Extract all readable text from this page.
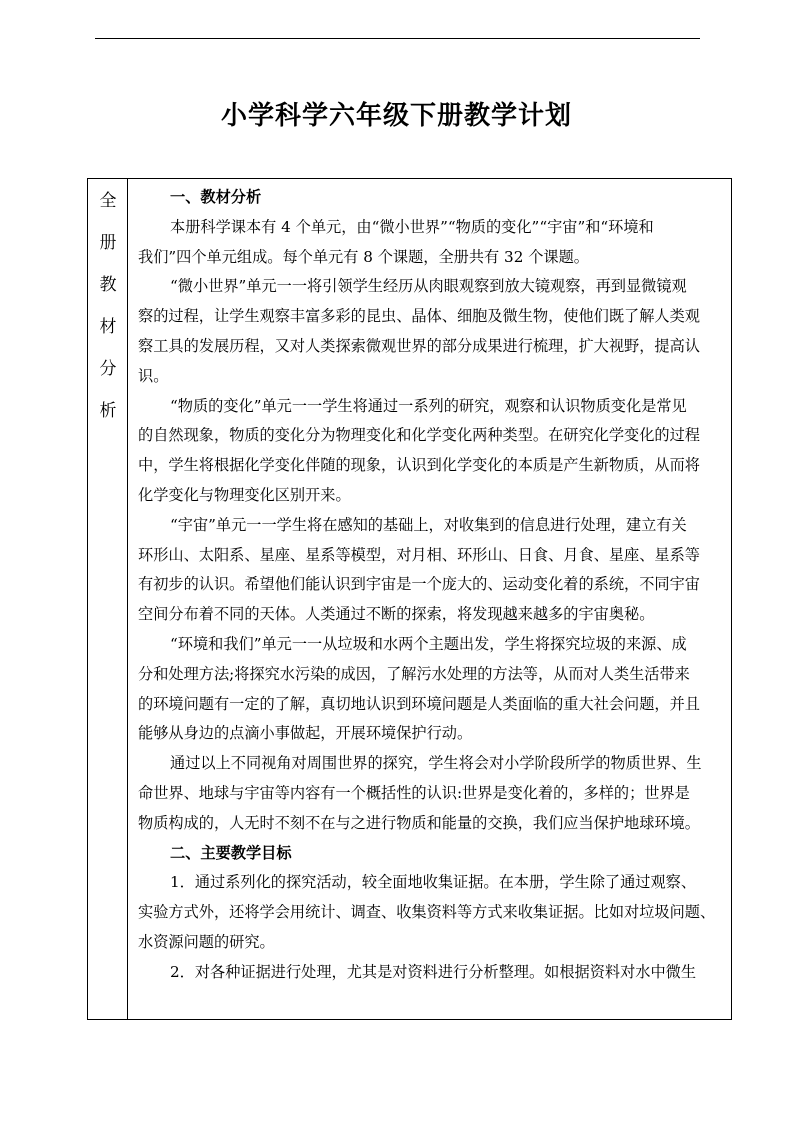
小学科学六年级下册教学计划
全
册
教
材
分
析
一、教材分析
本册科学课本有 4 个单元，由“微小世界”“物质的变化”“宇宙”和“环境和
我们”四个单元组成。每个单元有 8 个课题，全册共有 32 个课题。
“微小世界”单元一一将引领学生经历从肉眼观察到放大镜观察，再到显微镜观
察的过程，让学生观察丰富多彩的昆虫、晶体、细胞及微生物，使他们既了解人类观
察工具的发展历程，又对人类探索微观世界的部分成果进行梳理，扩大视野，提高认
识。
“物质的变化”单元一一学生将通过一系列的研究，观察和认识物质变化是常见
的自然现象，物质的变化分为物理变化和化学变化两种类型。在研究化学变化的过程
中，学生将根据化学变化伴随的现象，认识到化学变化的本质是产生新物质，从而将
化学变化与物理变化区别开来。
“宇宙”单元一一学生将在感知的基础上，对收集到的信息进行处理，建立有关
环形山、太阳系、星座、星系等模型，对月相、环形山、日食、月食、星座、星系等
有初步的认识。希望他们能认识到宇宙是一个庞大的、运动变化着的系统，不同宇宙
空间分布着不同的天体。人类通过不断的探索，将发现越来越多的宇宙奥秘。
“环境和我们”单元一一从垃圾和水两个主题出发，学生将探究垃圾的来源、成
分和处理方法;将探究水污染的成因，了解污水处理的方法等，从而对人类生活带来
的环境问题有一定的了解，真切地认识到环境问题是人类面临的重大社会问题，并且
能够从身边的点滴小事做起，开展环境保护行动。
通过以上不同视角对周围世界的探究，学生将会对小学阶段所学的物质世界、生
命世界、地球与宇宙等内容有一个概括性的认识:世界是变化着的，多样的；世界是
物质构成的，人无时不刻不在与之进行物质和能量的交换，我们应当保护地球环境。
二、主要教学目标
1．通过系列化的探究活动，较全面地收集证据。在本册，学生除了通过观察、
实验方式外，还将学会用统计、调查、收集资料等方式来收集证据。比如对垃圾问题、
水资源问题的研究。
2．对各种证据进行处理，尤其是对资料进行分析整理。如根据资料对水中微生
